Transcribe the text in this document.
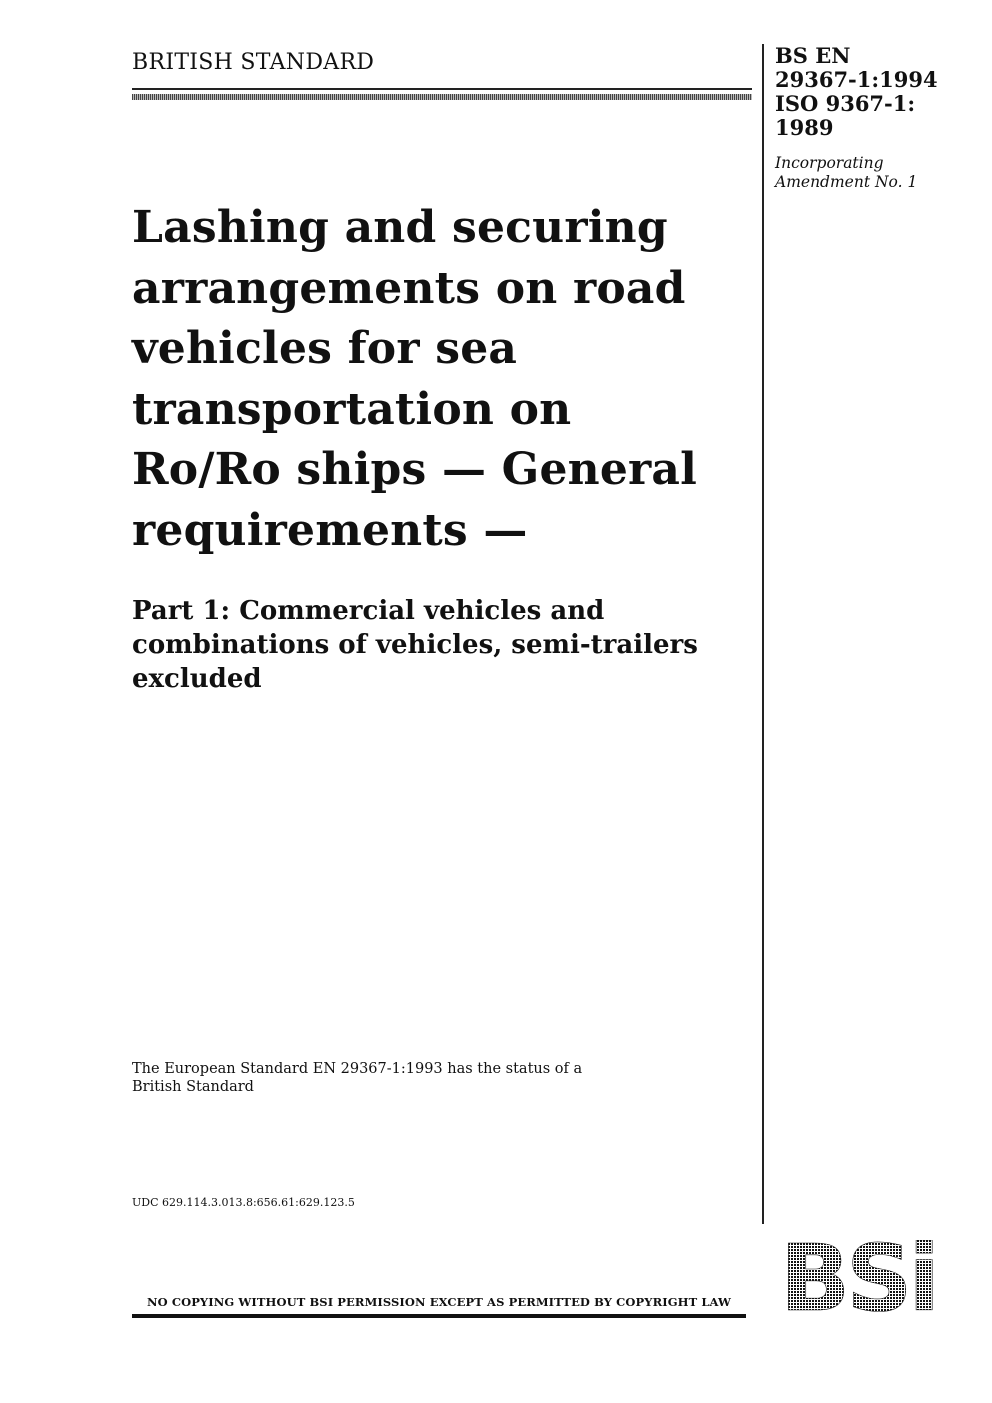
BRITISH STANDARD	BS EN
29367-1:1994
ISO 9367-1:
1989
Incorporating
Amendment No. 1
Lashing and securing
arrangements on road
vehicles for sea
transportation on
Ro/Ro ships — General
requirements —
Part 1: Commercial vehicles and
combinations of vehicles, semi-trailers
excluded
The European Standard EN 29367-1:1993 has the status of a
British Standard
UDC 629.114.3.013.8:656.61:629.123.5
NO COPYING WITHOUT BSI PERMISSION EXCEPT AS PERMITTED BY COPYRIGHT LAW BSi
